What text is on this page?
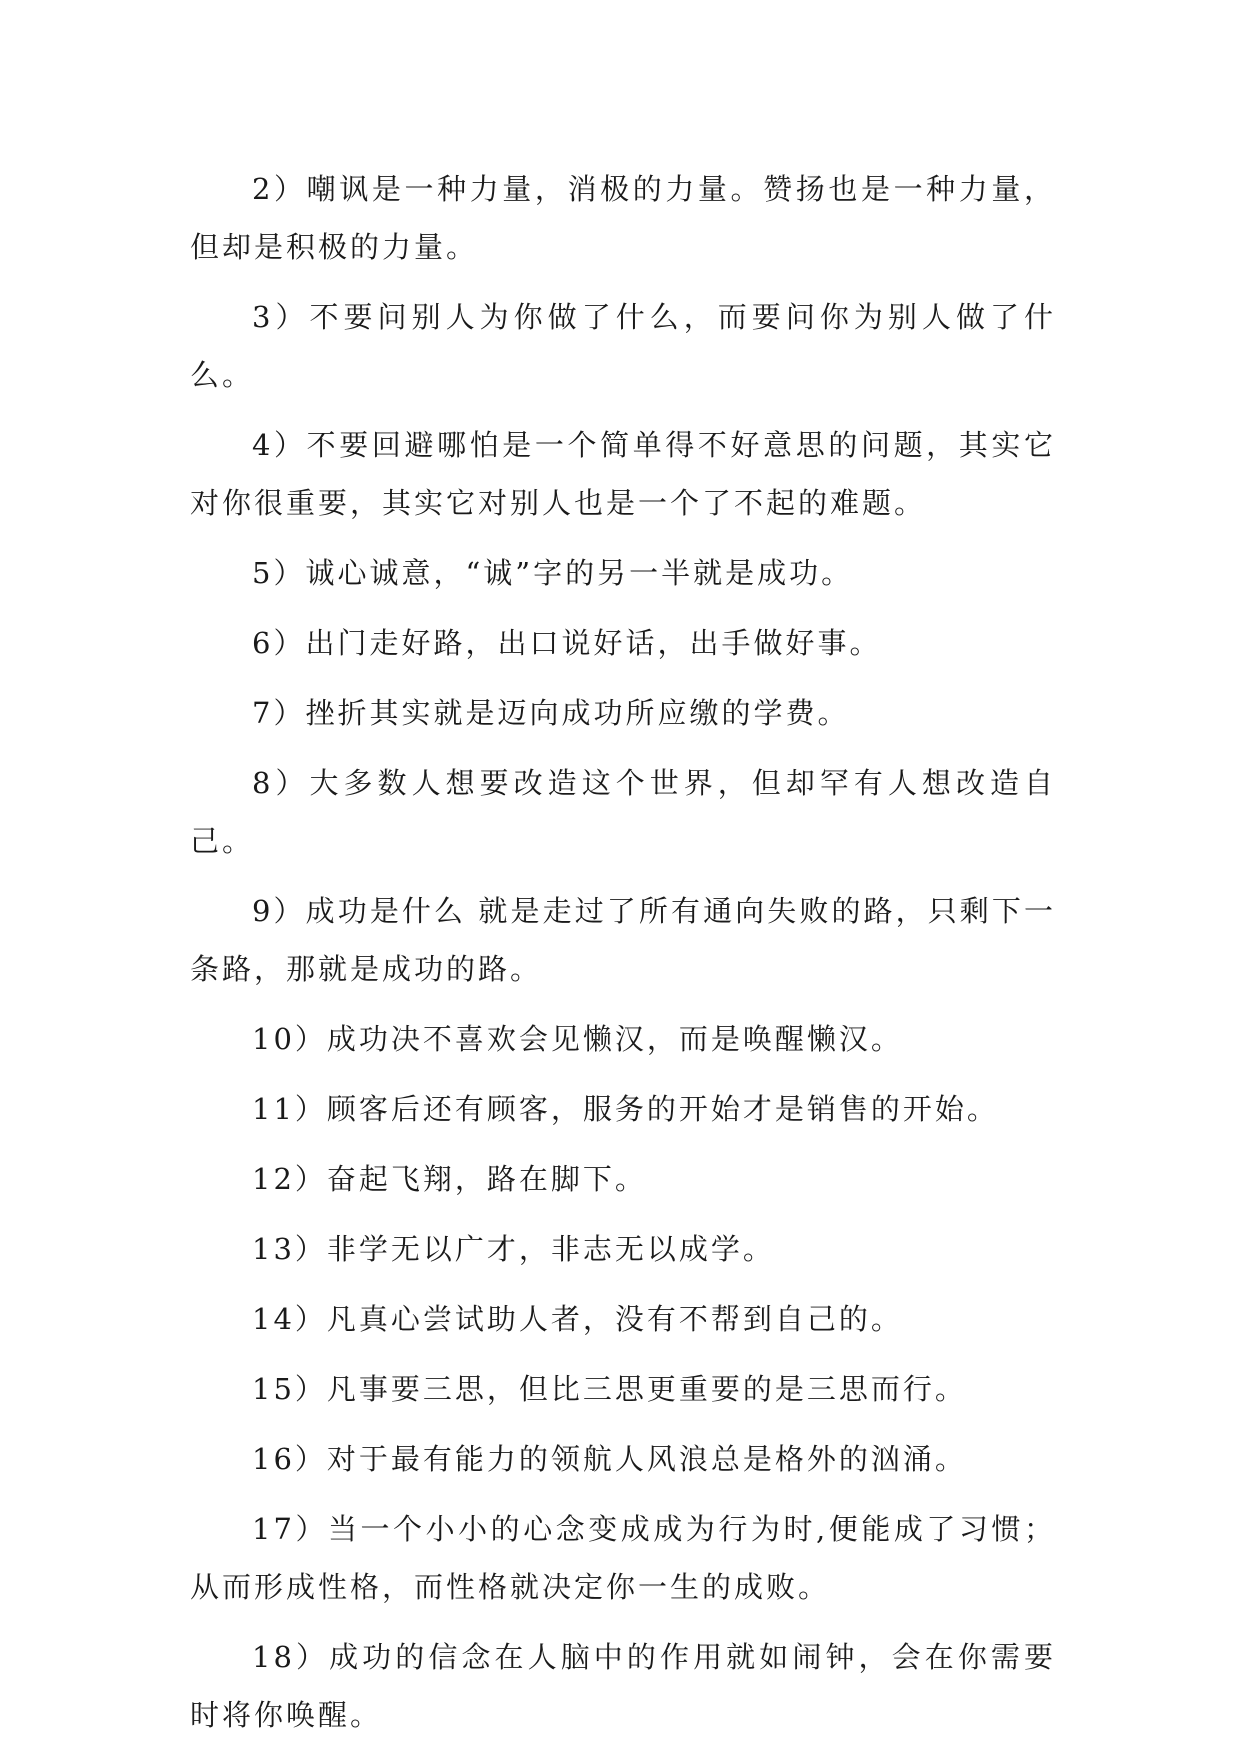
2）嘲讽是一种力量，消极的力量。赞扬也是一种力量，但却是积极的力量。

3）不要问别人为你做了什么，而要问你为别人做了什么。

4）不要回避哪怕是一个简单得不好意思的问题，其实它对你很重要，其实它对别人也是一个了不起的难题。

5）诚心诚意，“诚”字的另一半就是成功。

6）出门走好路，出口说好话，出手做好事。

7）挫折其实就是迈向成功所应缴的学费。

8）大多数人想要改造这个世界，但却罕有人想改造自己。

9）成功是什么 就是走过了所有通向失败的路，只剩下一条路，那就是成功的路。

10）成功决不喜欢会见懒汉，而是唤醒懒汉。

11）顾客后还有顾客，服务的开始才是销售的开始。

12）奋起飞翔，路在脚下。

13）非学无以广才，非志无以成学。

14）凡真心尝试助人者，没有不帮到自己的。

15）凡事要三思，但比三思更重要的是三思而行。

16）对于最有能力的领航人风浪总是格外的汹涌。

17）当一个小小的心念变成成为行为时,便能成了习惯；从而形成性格，而性格就决定你一生的成败。

18）成功的信念在人脑中的作用就如闹钟，会在你需要时将你唤醒。
